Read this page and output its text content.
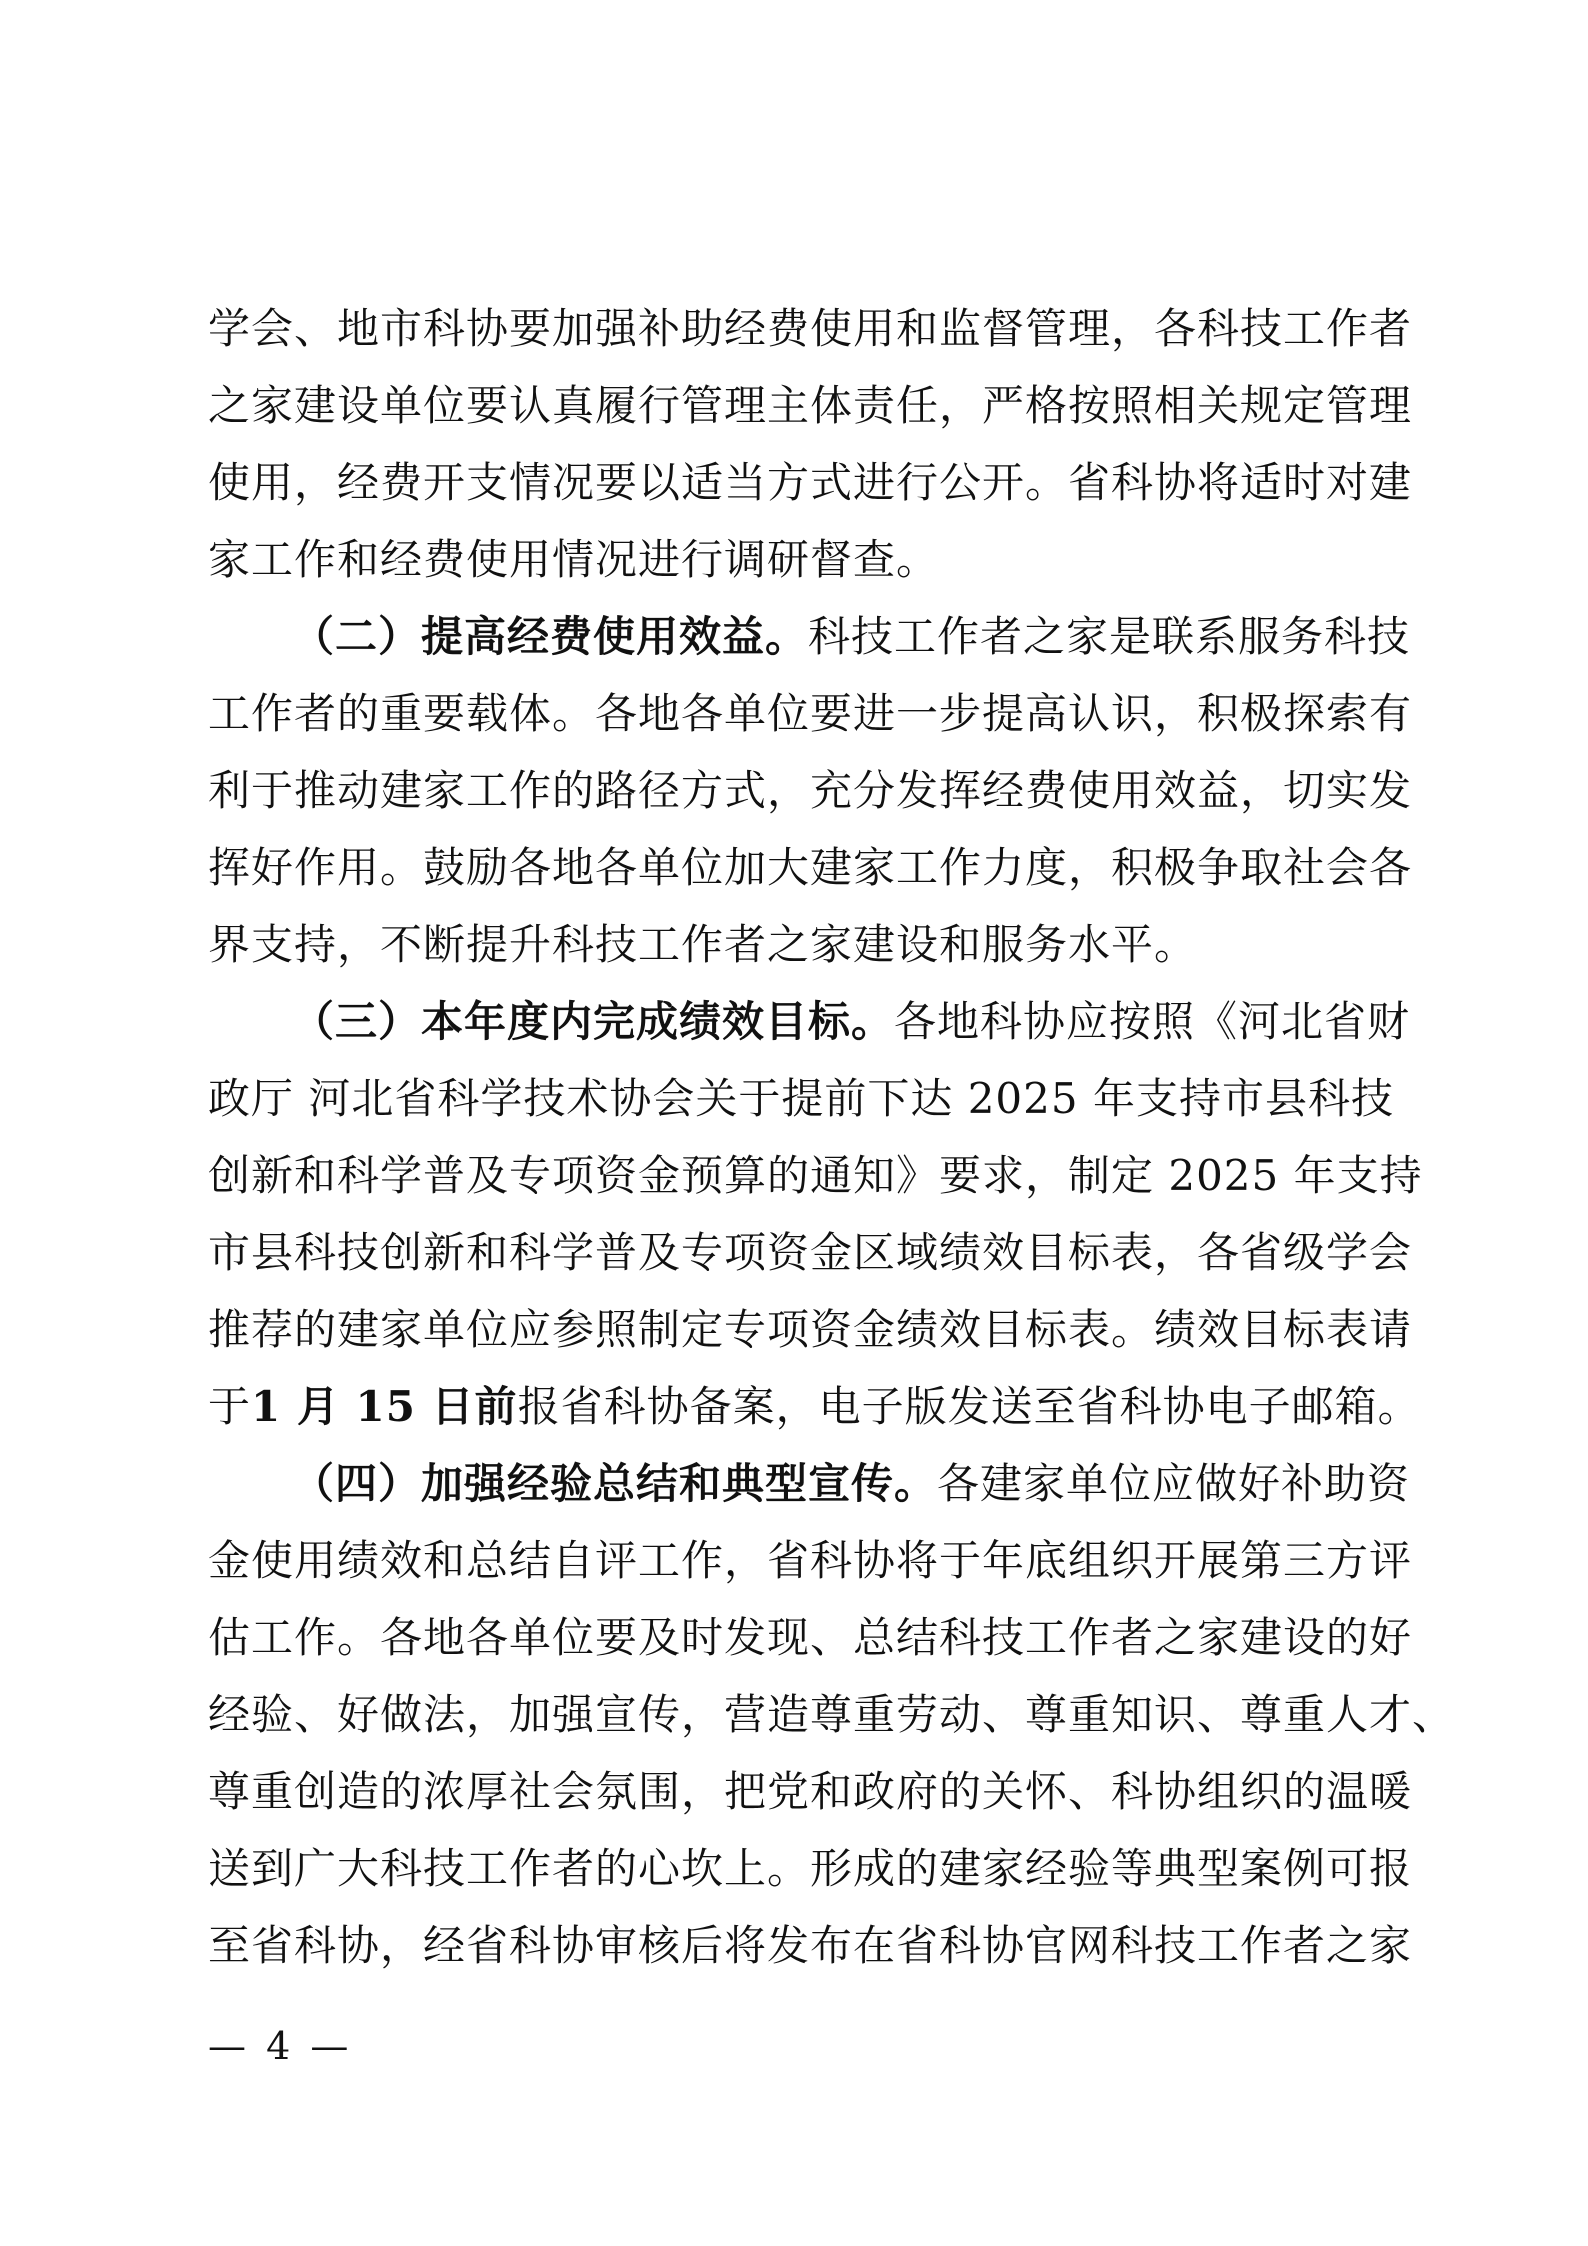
学会、地市科协要加强补助经费使用和监督管理，各科技工作者
之家建设单位要认真履行管理主体责任，严格按照相关规定管理
使用，经费开支情况要以适当方式进行公开。省科协将适时对建
家工作和经费使用情况进行调研督查。
（二）提高经费使用效益。科技工作者之家是联系服务科技
工作者的重要载体。各地各单位要进一步提高认识，积极探索有
利于推动建家工作的路径方式，充分发挥经费使用效益，切实发
挥好作用。鼓励各地各单位加大建家工作力度，积极争取社会各
界支持，不断提升科技工作者之家建设和服务水平。
（三）本年度内完成绩效目标。各地科协应按照《河北省财
政厅 河北省科学技术协会关于提前下达 2025 年支持市县科技
创新和科学普及专项资金预算的通知》要求，制定 2025 年支持
市县科技创新和科学普及专项资金区域绩效目标表，各省级学会
推荐的建家单位应参照制定专项资金绩效目标表。绩效目标表请
于1 月 15 日前报省科协备案，电子版发送至省科协电子邮箱。
（四）加强经验总结和典型宣传。各建家单位应做好补助资
金使用绩效和总结自评工作，省科协将于年底组织开展第三方评
估工作。各地各单位要及时发现、总结科技工作者之家建设的好
经验、好做法，加强宣传，营造尊重劳动、尊重知识、尊重人才、
尊重创造的浓厚社会氛围，把党和政府的关怀、科协组织的温暖
送到广大科技工作者的心坎上。形成的建家经验等典型案例可报
至省科协，经省科协审核后将发布在省科协官网科技工作者之家
— 4 —
